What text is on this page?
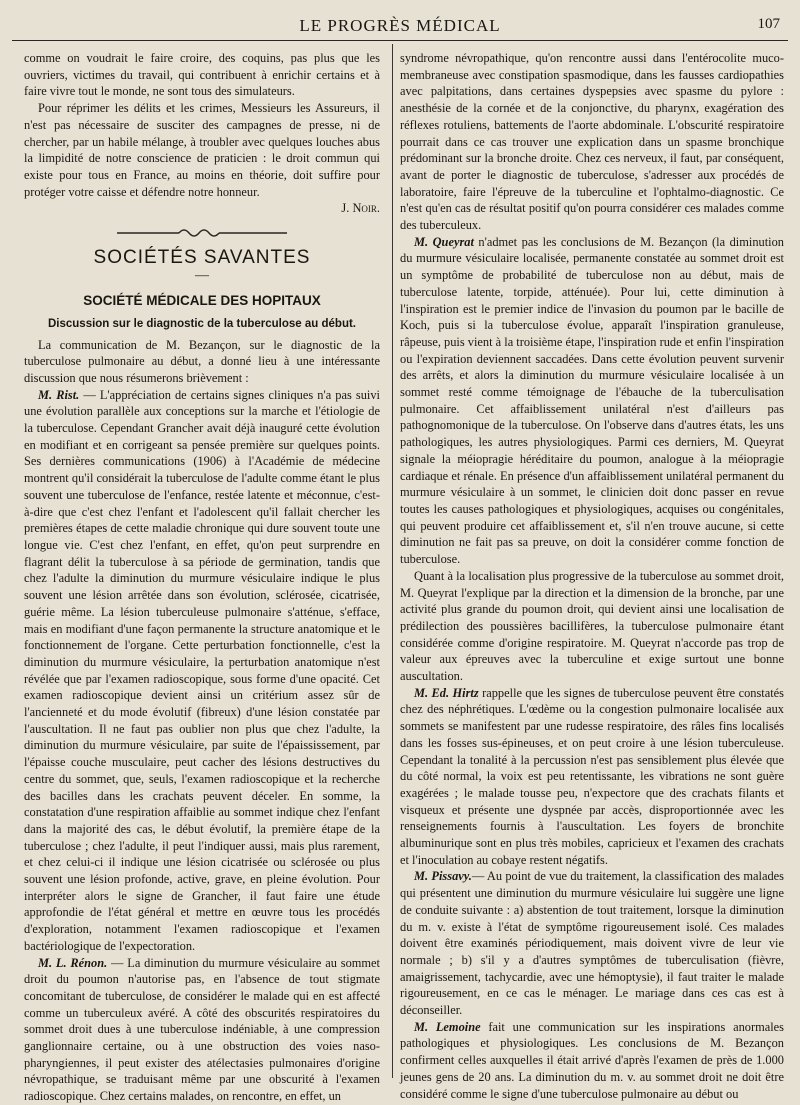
LE PROGRÈS MÉDICAL	107

comme on voudrait le faire croire, des coquins, pas plus que les ouvriers, victimes du travail, qui contribuent à enrichir certains et à faire vivre tout le monde, ne sont tous des simulateurs.

Pour réprimer les délits et les crimes, Messieurs les Assureurs, il n'est pas nécessaire de susciter des campagnes de presse, ni de chercher, par un habile mélange, à troubler avec quelques louches abus la limpidité de notre conscience de praticien : le droit commun qui existe pour tous en France, au moins en théorie, doit suffire pour protéger votre caisse et défendre notre honneur.

J. Noir.
SOCIÉTÉS SAVANTES
—
SOCIÉTÉ MÉDICALE DES HOPITAUX
Discussion sur le diagnostic de la tuberculose au début.

La communication de M. Bezançon, sur le diagnostic de la tuberculose pulmonaire au début, a donné lieu à une intéressante discussion que nous résumerons brièvement :

M. Rist. — L'appréciation de certains signes cliniques n'a pas suivi une évolution parallèle aux conceptions sur la marche et l'étiologie de la tuberculose. Cependant Grancher avait déjà inauguré cette évolution en modifiant et en corrigeant sa pensée première sur quelques points. Ses dernières communications (1906) à l'Académie de médecine montrent qu'il considérait la tuberculose de l'adulte comme étant le plus souvent une tuberculose de l'enfance, restée latente et méconnue, c'est-à-dire que c'est chez l'enfant et l'adolescent qu'il fallait chercher les premières étapes de cette maladie chronique qui dure souvent toute une longue vie. C'est chez l'enfant, en effet, qu'on peut surprendre en flagrant délit la tuberculose à sa période de germination, tandis que chez l'adulte la diminution du murmure vésiculaire indique le plus souvent une lésion arrêtée dans son évolution, sclérosée, cicatrisée, guérie même. La lésion tuberculeuse pulmonaire s'atténue, s'efface, mais en modifiant d'une façon permanente la structure anatomique et le fonctionnement de l'organe. Cette perturbation fonctionnelle, c'est la diminution du murmure vésiculaire, la perturbation anatomique n'est révélée que par l'examen radioscopique, sous forme d'une opacité. Cet examen radioscopique devient ainsi un critérium assez sûr de l'ancienneté et du mode évolutif (fibreux) d'une lésion constatée par l'auscultation. Il ne faut pas oublier non plus que chez l'adulte, la diminution du murmure vésiculaire, par suite de l'épaississement, par l'épaisse couche musculaire, peut cacher des lésions destructives du centre du sommet, que, seuls, l'examen radioscopique et la recherche des bacilles dans les crachats peuvent déceler. En somme, la constatation d'une respiration affaiblie au sommet indique chez l'enfant dans la majorité des cas, le début évolutif, la première étape de la tuberculose ; chez l'adulte, il peut l'indiquer aussi, mais plus rarement, et chez celui-ci il indique une lésion cicatrisée ou sclérosée ou plus souvent une lésion profonde, active, grave, en pleine évolution. Pour interpréter alors le signe de Grancher, il faut faire une étude approfondie de l'état général et mettre en œuvre tous les procédés d'exploration, notamment l'examen radioscopique et l'examen bactériologique de l'expectoration.

M. L. Rénon. — La diminution du murmure vésiculaire au sommet droit du poumon n'autorise pas, en l'absence de tout stigmate concomitant de tuberculose, de considérer le malade qui en est affecté comme un tuberculeux avéré. A côté des obscurités respiratoires du sommet droit dues à une tuberculose indéniable, à une compression ganglionnaire certaine, ou à une obstruction des voies naso-pharyngiennes, il peut exister des atélectasies pulmonaires d'origine névropathique, se traduisant même par une obscurité à l'examen radioscopique. Chez certains malades, on rencontre, en effet, un

syndrome névropathique, qu'on rencontre aussi dans l'entérocolite muco-membraneuse avec constipation spasmodique, dans les fausses cardiopathies avec palpitations, dans certaines dyspepsies avec spasme du pylore : anesthésie de la cornée et de la conjonctive, du pharynx, exagération des réflexes rotuliens, battements de l'aorte abdominale. L'obscurité respiratoire pourrait dans ce cas trouver une explication dans un spasme bronchique prédominant sur la bronche droite. Chez ces nerveux, il faut, par conséquent, avant de porter le diagnostic de tuberculose, s'adresser aux procédés de laboratoire, faire l'épreuve de la tuberculine et l'ophtalmo-diagnostic. Ce n'est qu'en cas de résultat positif qu'on pourra considérer ces malades comme des tuberculeux.

M. Queyrat n'admet pas les conclusions de M. Bezançon (la diminution du murmure vésiculaire localisée, permanente constatée au sommet droit est un symptôme de probabilité de tuberculose non au début, mais de tuberculose latente, torpide, atténuée). Pour lui, cette diminution à l'inspiration est le premier indice de l'invasion du poumon par le bacille de Koch, puis si la tuberculose évolue, apparaît l'inspiration granuleuse, râpeuse, puis vient à la troisième étape, l'inspiration rude et enfin l'inspiration ou l'expiration deviennent saccadées. Dans cette évolution peuvent survenir des arrêts, et alors la diminution du murmure vésiculaire localisée à un sommet resté comme témoignage de l'ébauche de la tuberculisation pulmonaire. Cet affaiblissement unilatéral n'est d'ailleurs pas pathognomonique de la tuberculose. On l'observe dans d'autres états, les uns pathologiques, les autres physiologiques. Parmi ces derniers, M. Queyrat signale la méiopragie héréditaire du poumon, analogue à la méiopragie cardiaque et rénale. En présence d'un affaiblissement unilatéral permanent du murmure vésiculaire à un sommet, le clinicien doit donc passer en revue toutes les causes pathologiques et physiologiques, acquises ou congénitales, qui peuvent produire cet affaiblissement et, s'il n'en trouve aucune, si cette diminution ne fait pas sa preuve, on doit la considérer comme fonction de tuberculose.

Quant à la localisation plus progressive de la tuberculose au sommet droit, M. Queyrat l'explique par la direction et la dimension de la bronche, par une activité plus grande du poumon droit, qui devient ainsi une localisation de prédilection des poussières bacillifères, la tuberculose pulmonaire étant considérée comme d'origine respiratoire. M. Queyrat n'accorde pas trop de valeur aux épreuves avec la tuberculine et exige surtout une bonne auscultation.

M. Ed. Hirtz rappelle que les signes de tuberculose peuvent être constatés chez des néphrétiques. L'œdème ou la congestion pulmonaire localisée aux sommets se manifestent par une rudesse respiratoire, des râles fins localisés dans les fosses sus-épineuses, et on peut croire à une lésion tuberculeuse. Cependant la tonalité à la percussion n'est pas sensiblement plus élevée que du côté normal, la voix est peu retentissante, les vibrations ne sont guère exagérées ; le malade tousse peu, n'expectore que des crachats filants et visqueux et présente une dyspnée par accès, disproportionnée avec les renseignements fournis à l'auscultation. Les foyers de bronchite albuminurique sont en plus très mobiles, capricieux et l'examen des crachats et l'inoculation au cobaye restent négatifs.

M. Pissavy.— Au point de vue du traitement, la classification des malades qui présentent une diminution du murmure vésiculaire lui suggère une ligne de conduite suivante : a) abstention de tout traitement, lorsque la diminution du m. v. existe à l'état de symptôme rigoureusement isolé. Ces malades doivent être examinés périodiquement, mais doivent vivre de leur vie normale ; b) s'il y a d'autres symptômes de tuberculisation (fièvre, amaigrissement, tachycardie, avec une hémoptysie), il faut traiter le malade rigoureusement, en ce cas le ménager. Le mariage dans ces cas est à déconseiller.

M. Lemoine fait une communication sur les inspirations anormales pathologiques et physiologiques. Les conclusions de M. Bezançon confirment celles auxquelles il était arrivé d'après l'examen de près de 1.000 jeunes gens de 20 ans. La diminution du m. v. au sommet droit ne doit être considéré comme le signe d'une tuberculose pulmonaire au début ou
